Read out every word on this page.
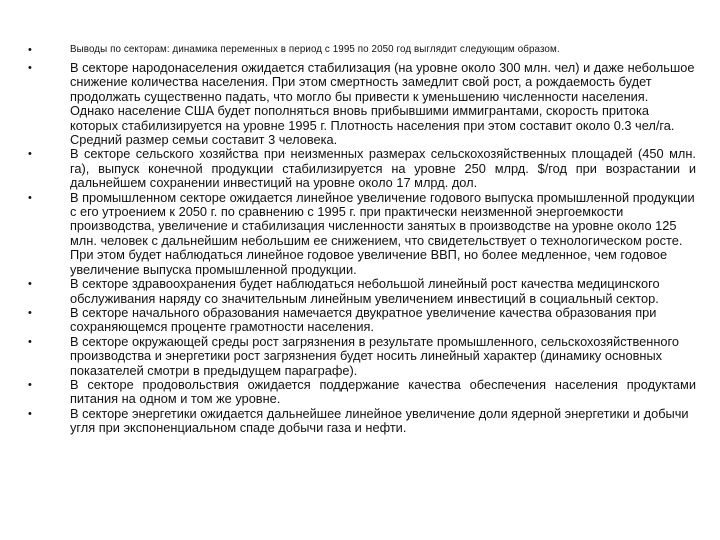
•	Выводы по секторам: динамика переменных в период с 1995 по 2050 год выглядит следующим образом.
•	В секторе народонаселения ожидается стабилизация (на уровне около 300 млн. чел) и даже небольшое снижение количества населения. При этом смертность замедлит свой рост, а рождаемость будет продолжать существенно падать, что могло бы привести к уменьшению численности населения. Однако население США будет пополняться вновь прибывшими иммигрантами, скорость притока которых стабилизируется на уровне 1995 г. Плотность населения при этом составит около 0.3 чел/га. Средний размер семьи составит 3 человека.
•	В секторе сельского хозяйства при неизменных размерах сельскохозяйственных площадей (450 млн. га), выпуск конечной продукции стабилизируется на уровне 250 млрд. $/год при возрастании и дальнейшем сохранении инвестиций на уровне около 17 млрд. дол.
•	В промышленном секторе ожидается линейное увеличение годового выпуска промышленной продукции с его утроением к 2050 г. по сравнению с 1995 г. при практически неизменной энергоемкости производства, увеличение и стабилизация численности занятых в производстве на уровне около 125 млн. человек с дальнейшим небольшим ее снижением, что свидетельствует о технологическом росте. При этом будет наблюдаться линейное годовое увеличение ВВП, но более медленное, чем годовое увеличение выпуска промышленной продукции.
•	В секторе здравоохранения будет наблюдаться небольшой линейный рост качества медицинского обслуживания наряду со значительным линейным увеличением инвестиций в социальный сектор.
•	В секторе начального образования намечается двукратное увеличение качества образования при сохраняющемся проценте грамотности населения.
•	В секторе окружающей среды рост загрязнения в результате промышленного, сельскохозяйственного производства и энергетики рост загрязнения будет носить линейный характер (динамику основных показателей смотри в предыдущем параграфе).
•	В секторе продовольствия ожидается поддержание качества обеспечения населения продуктами питания на одном и том же уровне.
•	В секторе энергетики ожидается дальнейшее линейное увеличение доли ядерной энергетики и добычи угля при экспоненциальном спаде добычи газа и нефти.
